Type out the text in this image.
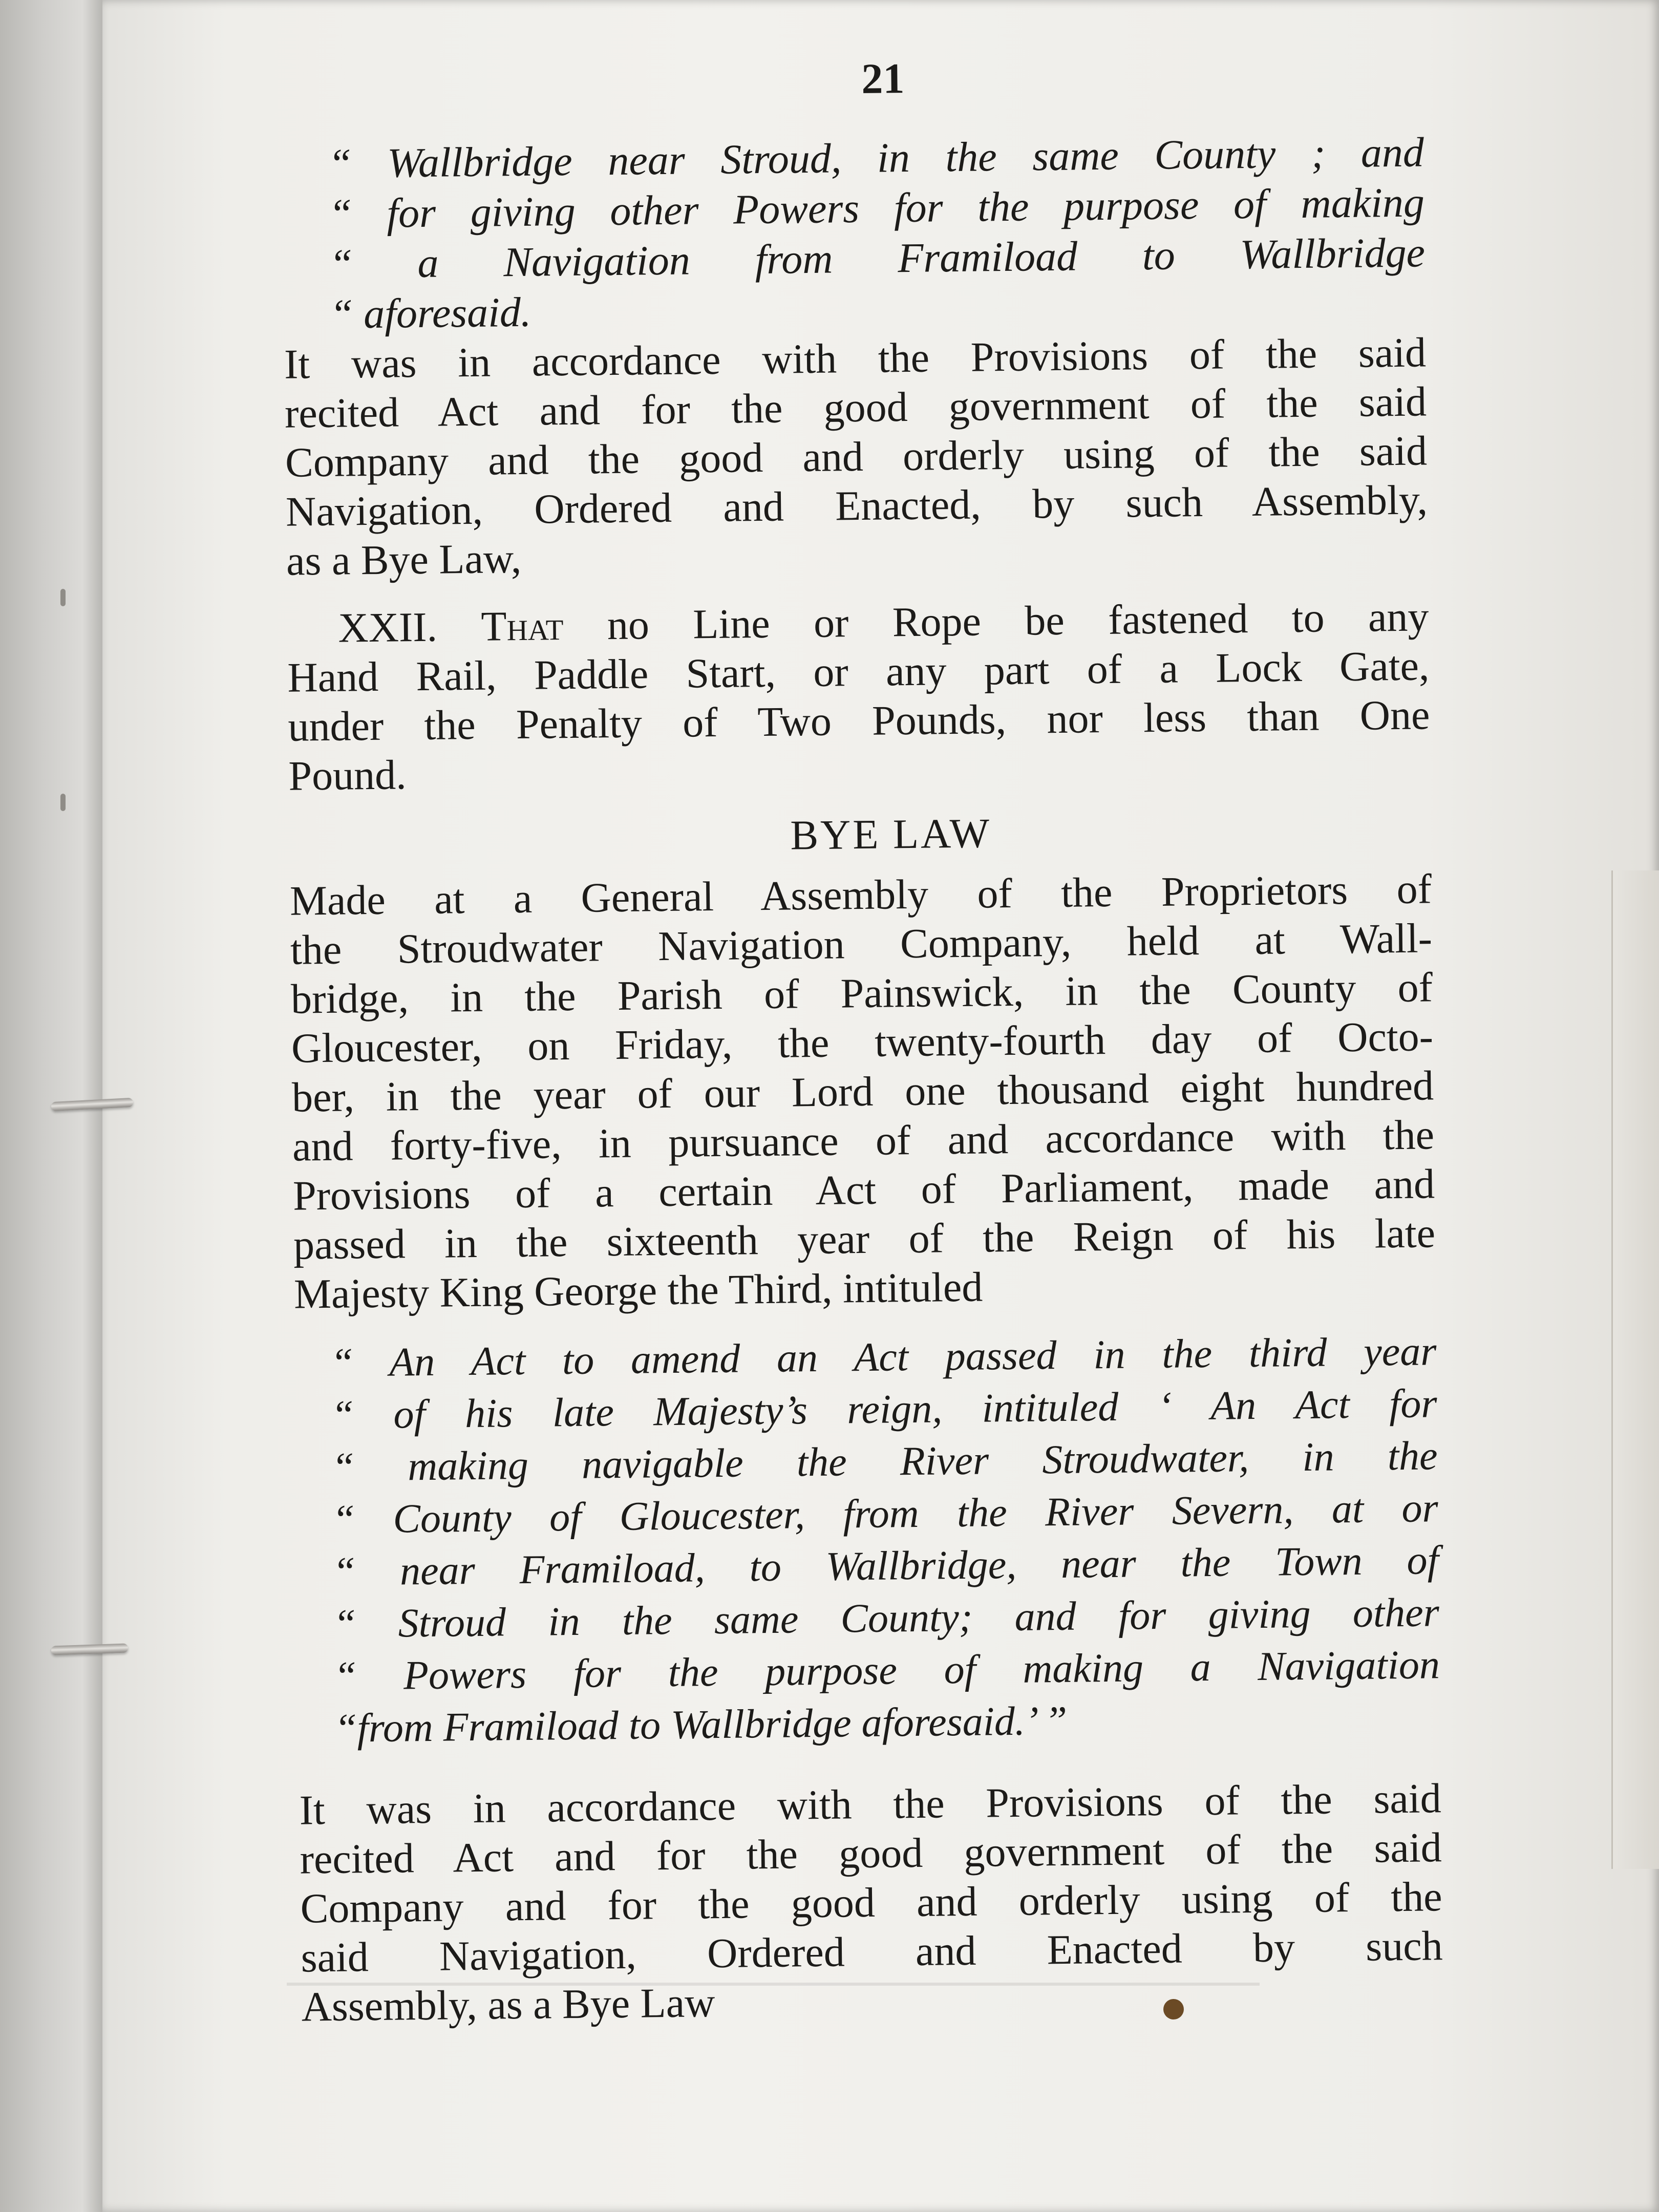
21
“ Wallbridge near Stroud, in the same County ; and
“ for giving other Powers for the purpose of making
“ a Navigation from Framiload to Wallbridge
“ aforesaid.

It was in accordance with the Provisions of the said
recited Act and for the good government of the said
Company and the good and orderly using of the said
Navigation, Ordered and Enacted, by such Assembly,
as a Bye Law,

XXII. That no Line or Rope be fastened to any
Hand Rail, Paddle Start, or any part of a Lock Gate,
under the Penalty of Two Pounds, nor less than One
Pound.

BYE LAW

Made at a General Assembly of the Proprietors of
the Stroudwater Navigation Company, held at Wall-
bridge, in the Parish of Painswick, in the County of
Gloucester, on Friday, the twenty-fourth day of Octo-
ber, in the year of our Lord one thousand eight hundred
and forty-five, in pursuance of and accordance with the
Provisions of a certain Act of Parliament, made and
passed in the sixteenth year of the Reign of his late
Majesty King George the Third, intituled

“ An Act to amend an Act passed in the third year
“ of his late Majesty’s reign, intituled ‘ An Act for
“ making navigable the River Stroudwater, in the
“ County of Gloucester, from the River Severn, at or
“ near Framiload, to Wallbridge, near the Town of
“ Stroud in the same County; and for giving other
“ Powers for the purpose of making a Navigation
“from Framiload to Wallbridge aforesaid.’ ”

It was in accordance with the Provisions of the said
recited Act and for the good government of the said
Company and for the good and orderly using of the
said Navigation, Ordered and Enacted by such
Assembly, as a Bye Law
